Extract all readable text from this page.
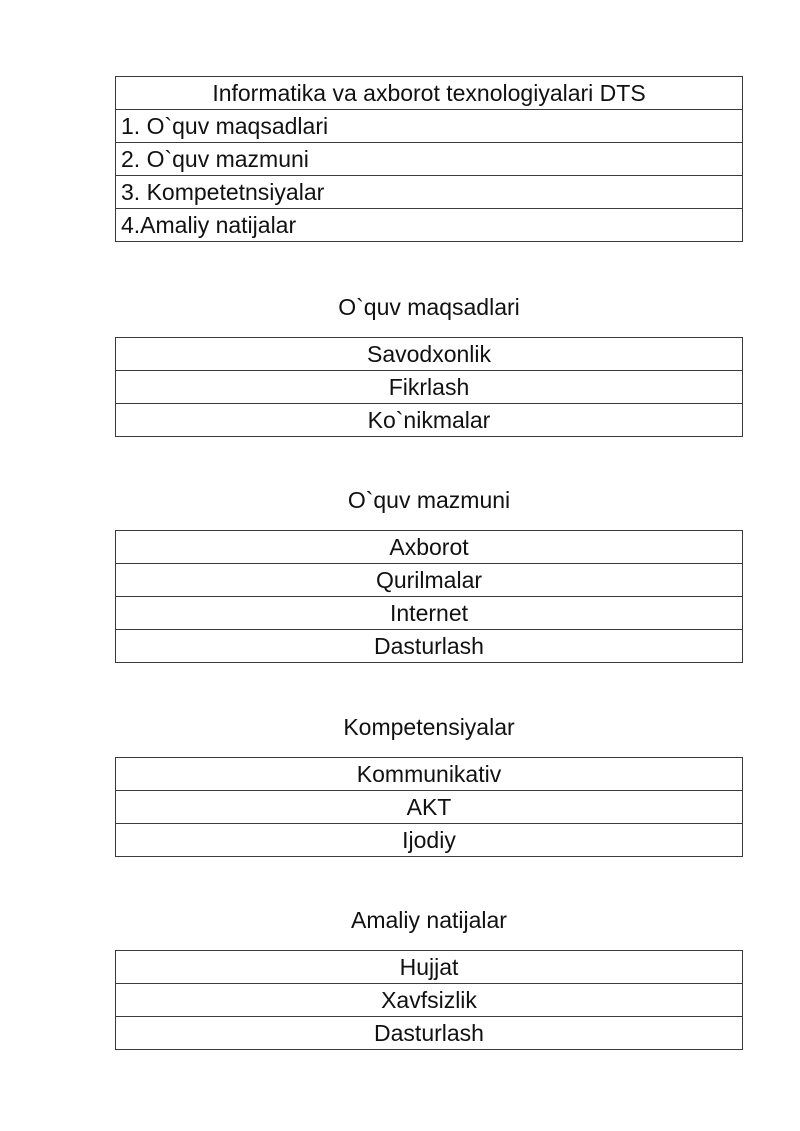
Informatika va axborot texnologiyalari DTS
1. O`quv maqsadlari
2. O`quv mazmuni
3. Kompetetnsiyalar
4.Amaliy natijalar
O`quv maqsadlari
Savodxonlik
Fikrlash
Ko`nikmalar
O`quv mazmuni
Axborot
Qurilmalar
Internet
Dasturlash
Kompetensiyalar
Kommunikativ
AKT
Ijodiy
Amaliy natijalar
Hujjat
Xavfsizlik
Dasturlash
